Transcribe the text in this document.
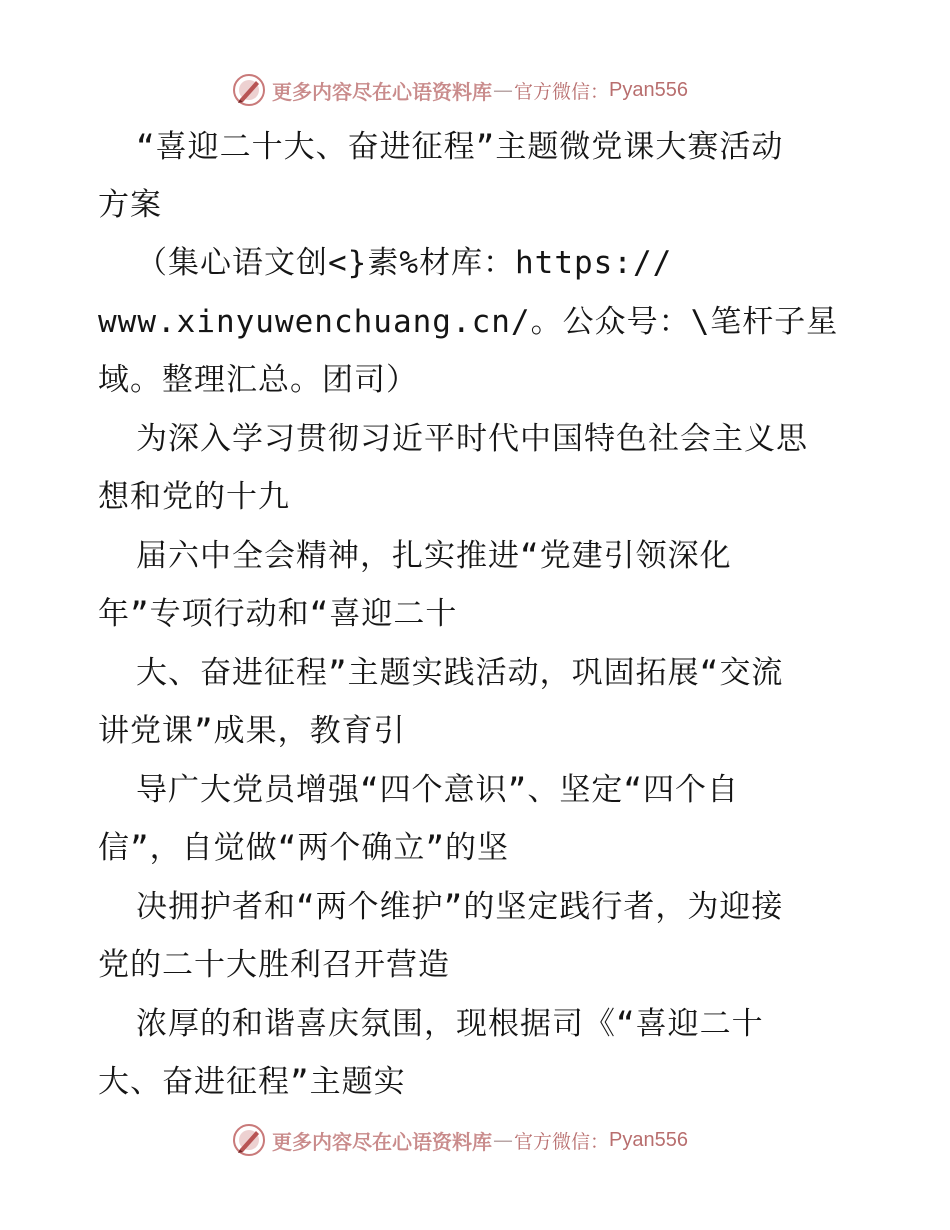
更多内容尽在心语资料库 — 官方微信： Pyan556
“喜迎二十大、奋进征程”主题微党课大赛活动
方案
（集心语文创<}素%材库：https://
www.xinyuwenchuang.cn/。公众号：\笔杆子星
域。整理汇总。团司）
为深入学习贯彻习近平时代中国特色社会主义思
想和党的十九
届六中全会精神，扎实推进“党建引领深化
年”专项行动和“喜迎二十
大、奋进征程”主题实践活动，巩固拓展“交流
讲党课”成果，教育引
导广大党员增强“四个意识”、坚定“四个自
信”，自觉做“两个确立”的坚
决拥护者和“两个维护”的坚定践行者，为迎接
党的二十大胜利召开营造
浓厚的和谐喜庆氛围，现根据司《“喜迎二十
大、奋进征程”主题实
更多内容尽在心语资料库 — 官方微信： Pyan556
